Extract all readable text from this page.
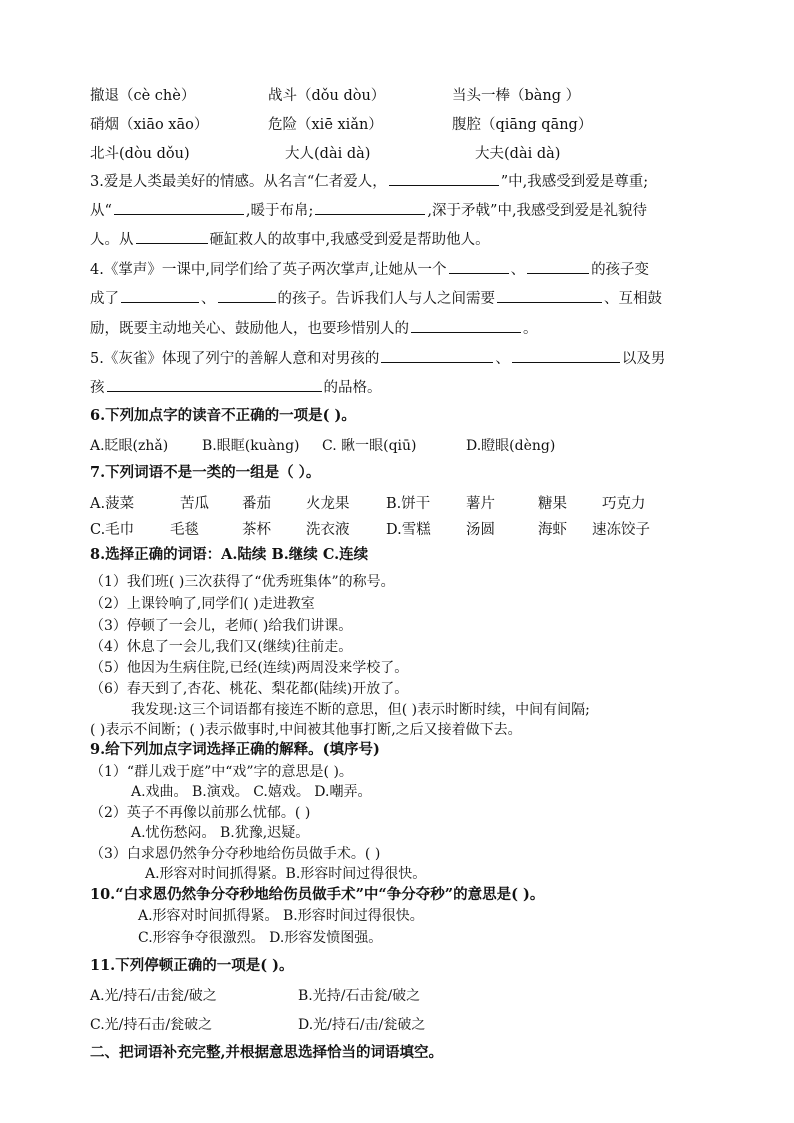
撤退（cè chè）	战斗（dǒu dòu）	当头一棒（bàng ）
硝烟（xiāo xāo）	危险（xiē xiǎn）	腹腔（qiāng qāng）
北斗(dòu dǒu)	大人(dài dà)	大夫(dài dà)
3.爱是人类最美好的情感。从名言“仁者爱人，	”中,我感受到爱是尊重;
从“	,暖于布帛;	,深于矛戟”中,我感受到爱是礼貌待
人。从	砸缸救人的故事中,我感受到爱是帮助他人。
4.《掌声》一课中,同学们给了英子两次掌声,让她从一个	、	的孩子变
成了	、	的孩子。告诉我们人与人之间需要	、互相鼓
励，既要主动地关心、鼓励他人，也要珍惜别人的	。
5.《灰雀》体现了列宁的善解人意和对男孩的	、	以及男
孩	的品格。
6.下列加点字的读音不正确的一项是( )。
A.眨眼(zhǎ) B.眼眶(kuàng) C. 瞅一眼(qiū)	D.瞪眼(dèng)
7.下列词语不是一类的一组是（ ）。
A.菠菜	苦瓜 番茄 火龙果	B.饼干 薯片	糖果 巧克力
C.毛巾 毛毯	茶杯 洗衣液	D.雪糕 汤圆	海虾 速冻饺子
8.选择正确的词语：A.陆续 B.继续 C.连续
（1）我们班( )三次获得了“优秀班集体”的称号。
（2）上课铃响了,同学们( )走进教室
（3）停顿了一会儿，老师( )给我们讲课。
（4）休息了一会儿,我们又(继续)往前走。
（5）他因为生病住院,已经(连续)两周没来学校了。
（6）春天到了,杏花、桃花、梨花都(陆续)开放了。
我发现:这三个词语都有接连不断的意思，但( )表示时断时续，中间有间隔;
( )表示不间断；( )表示做事时,中间被其他事打断,之后又接着做下去。
9.给下列加点字词选择正确的解释。(填序号)
（1）“群儿戏于庭”中“戏”字的意思是( )。
A.戏曲。 B.演戏。 C.嬉戏。 D.嘲弄。
（2）英子不再像以前那么忧郁。( )
A.忧伤愁闷。 B.犹豫,迟疑。
（3）白求恩仍然争分夺秒地给伤员做手术。( )
A.形容对时间抓得紧。B.形容时间过得很快。
10.“白求恩仍然争分夺秒地给伤员做手术”中“争分夺秒”的意思是( )。
A.形容对时间抓得紧。 B.形容时间过得很快。
C.形容争夺很激烈。 D.形容发愤图强。
11.下列停顿正确的一项是( )。
A.光/持石/击瓮/破之	B.光持/石击瓮/破之
C.光/持石击/瓮破之	D.光/持石/击/瓮破之
二、把词语补充完整,并根据意思选择恰当的词语填空。
